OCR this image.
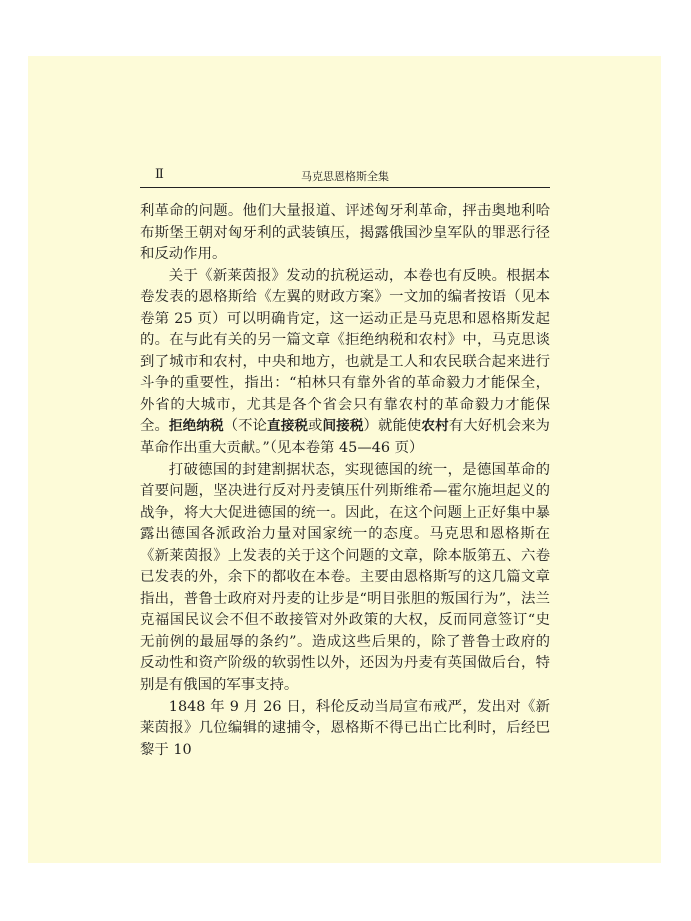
Ⅱ	马克思恩格斯全集

利革命的问题。他们大量报道、评述匈牙利革命，抨击奥地利哈布斯堡王朝对匈牙利的武装镇压，揭露俄国沙皇军队的罪恶行径和反动作用。

关于《新莱茵报》发动的抗税运动，本卷也有反映。根据本卷发表的恩格斯给《左翼的财政方案》一文加的编者按语（见本卷第 25 页）可以明确肯定，这一运动正是马克思和恩格斯发起的。在与此有关的另一篇文章《拒绝纳税和农村》中，马克思谈到了城市和农村，中央和地方，也就是工人和农民联合起来进行斗争的重要性，指出：“柏林只有靠外省的革命毅力才能保全，外省的大城市，尤其是各个省会只有靠农村的革命毅力才能保全。拒绝纳税（不论直接税或间接税）就能使农村有大好机会来为革命作出重大贡献。”（见本卷第 45—46 页）

打破德国的封建割据状态，实现德国的统一，是德国革命的首要问题，坚决进行反对丹麦镇压什列斯维希—霍尔施坦起义的战争，将大大促进德国的统一。因此，在这个问题上正好集中暴露出德国各派政治力量对国家统一的态度。马克思和恩格斯在《新莱茵报》上发表的关于这个问题的文章，除本版第五、六卷已发表的外，余下的都收在本卷。主要由恩格斯写的这几篇文章指出，普鲁士政府对丹麦的让步是“明目张胆的叛国行为”，法兰克福国民议会不但不敢接管对外政策的大权，反而同意签订“史无前例的最屈辱的条约”。造成这些后果的，除了普鲁士政府的反动性和资产阶级的软弱性以外，还因为丹麦有英国做后台，特别是有俄国的军事支持。

1848 年 9 月 26 日，科伦反动当局宣布戒严，发出对《新莱茵报》几位编辑的逮捕令，恩格斯不得已出亡比利时，后经巴黎于 10
